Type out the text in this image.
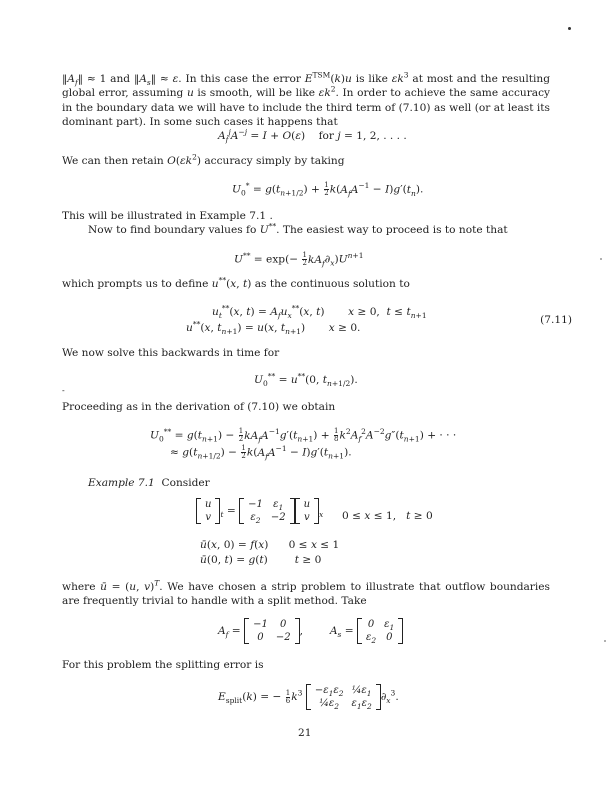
$‖A_f‖ \approx 1$ and $‖A_s‖ \approx \varepsilon$. In this case the error $E^{TSM}(k)u$ is like $\varepsilon k^3$ at most and the resulting global error, assuming u is smooth, will be like $\varepsilon k^2$. In order to achieve the same accuracy in the boundary data we will have to include the third term of (7.10) as well (or at least its dominant part). In some such cases it happens that
$A_f^jA^{-j} = I + O(\varepsilon)$    for j = 1, 2, . . . .
We can then retain $O(\varepsilon k^2)$ accuracy simply by taking
$U_0^* = g(t_{n+1/2}) + \frac{1}{2} k(A_fA^{-1} - I)g'(t_n)$.
This will be illustrated in Example 7.1 .
Now to find boundary values fo U**. The easiest way to proceed is to note that
$U^{**} = \exp(- \frac{1}{2} kA_f\partial_x)U^{n+1}$
which prompts us to define u**(x, t) as the continuous solution to
$u_t^{**}(x$, $t) = A_fu_x^{**}(x$, t)       x ≥ 0,  $t \le t_{n+1}$
u**(x, $t_{n+1}) = u(x$, $t_{n+1}$)       x ≥ 0.
(7.11)
We now solve this backwards in time for
$U_0^{**} = u^{**}(0$, $t_{n+1/2}$).
-
Proceeding as in the derivation of (7.10) we obtain
$U_0^{**} = g(t_{n+1}) - \frac{1}{2} kA_fA^{-1}g'(t_{n+1}) + \frac{1}{8} k^2A_f^2A^{-2}g''(t_{n+1})$ + · · ·
≈ $g(t_{n+1/2}) - \frac{1}{2} k(A_fA^{-1} - I)g'(t_{n+1})$.
Example 7.1 Consider
u
v $_t$ =
−1	$\varepsilon_1$
$\varepsilon_2$	−2
u
v $_x$ 0 ≤ x ≤ 1,   t ≥ 0
ū(x, 0) = f(x)      0 ≤ x ≤ 1
ū(0, t) = g(t)        t ≥ 0
where ū = (u, v)$^T$. We have chosen a strip problem to illustrate that outflow boundaries are frequently trivial to handle with a split method. Take
$A_f$ =
−1	0
0	−2
,        $A_s$ =
0	$\varepsilon_1$
$\varepsilon_2$	0
For this problem the splitting error is
$E_{split}(k)$ = − $\frac{1}{6} k^3 -\varepsilon_1\varepsilon_2$	$\frac{1}{4}\varepsilon_1$
$\frac{1}{4}\varepsilon_2$	$\varepsilon_1\varepsilon_2$
$\partial_x^3$.
21
